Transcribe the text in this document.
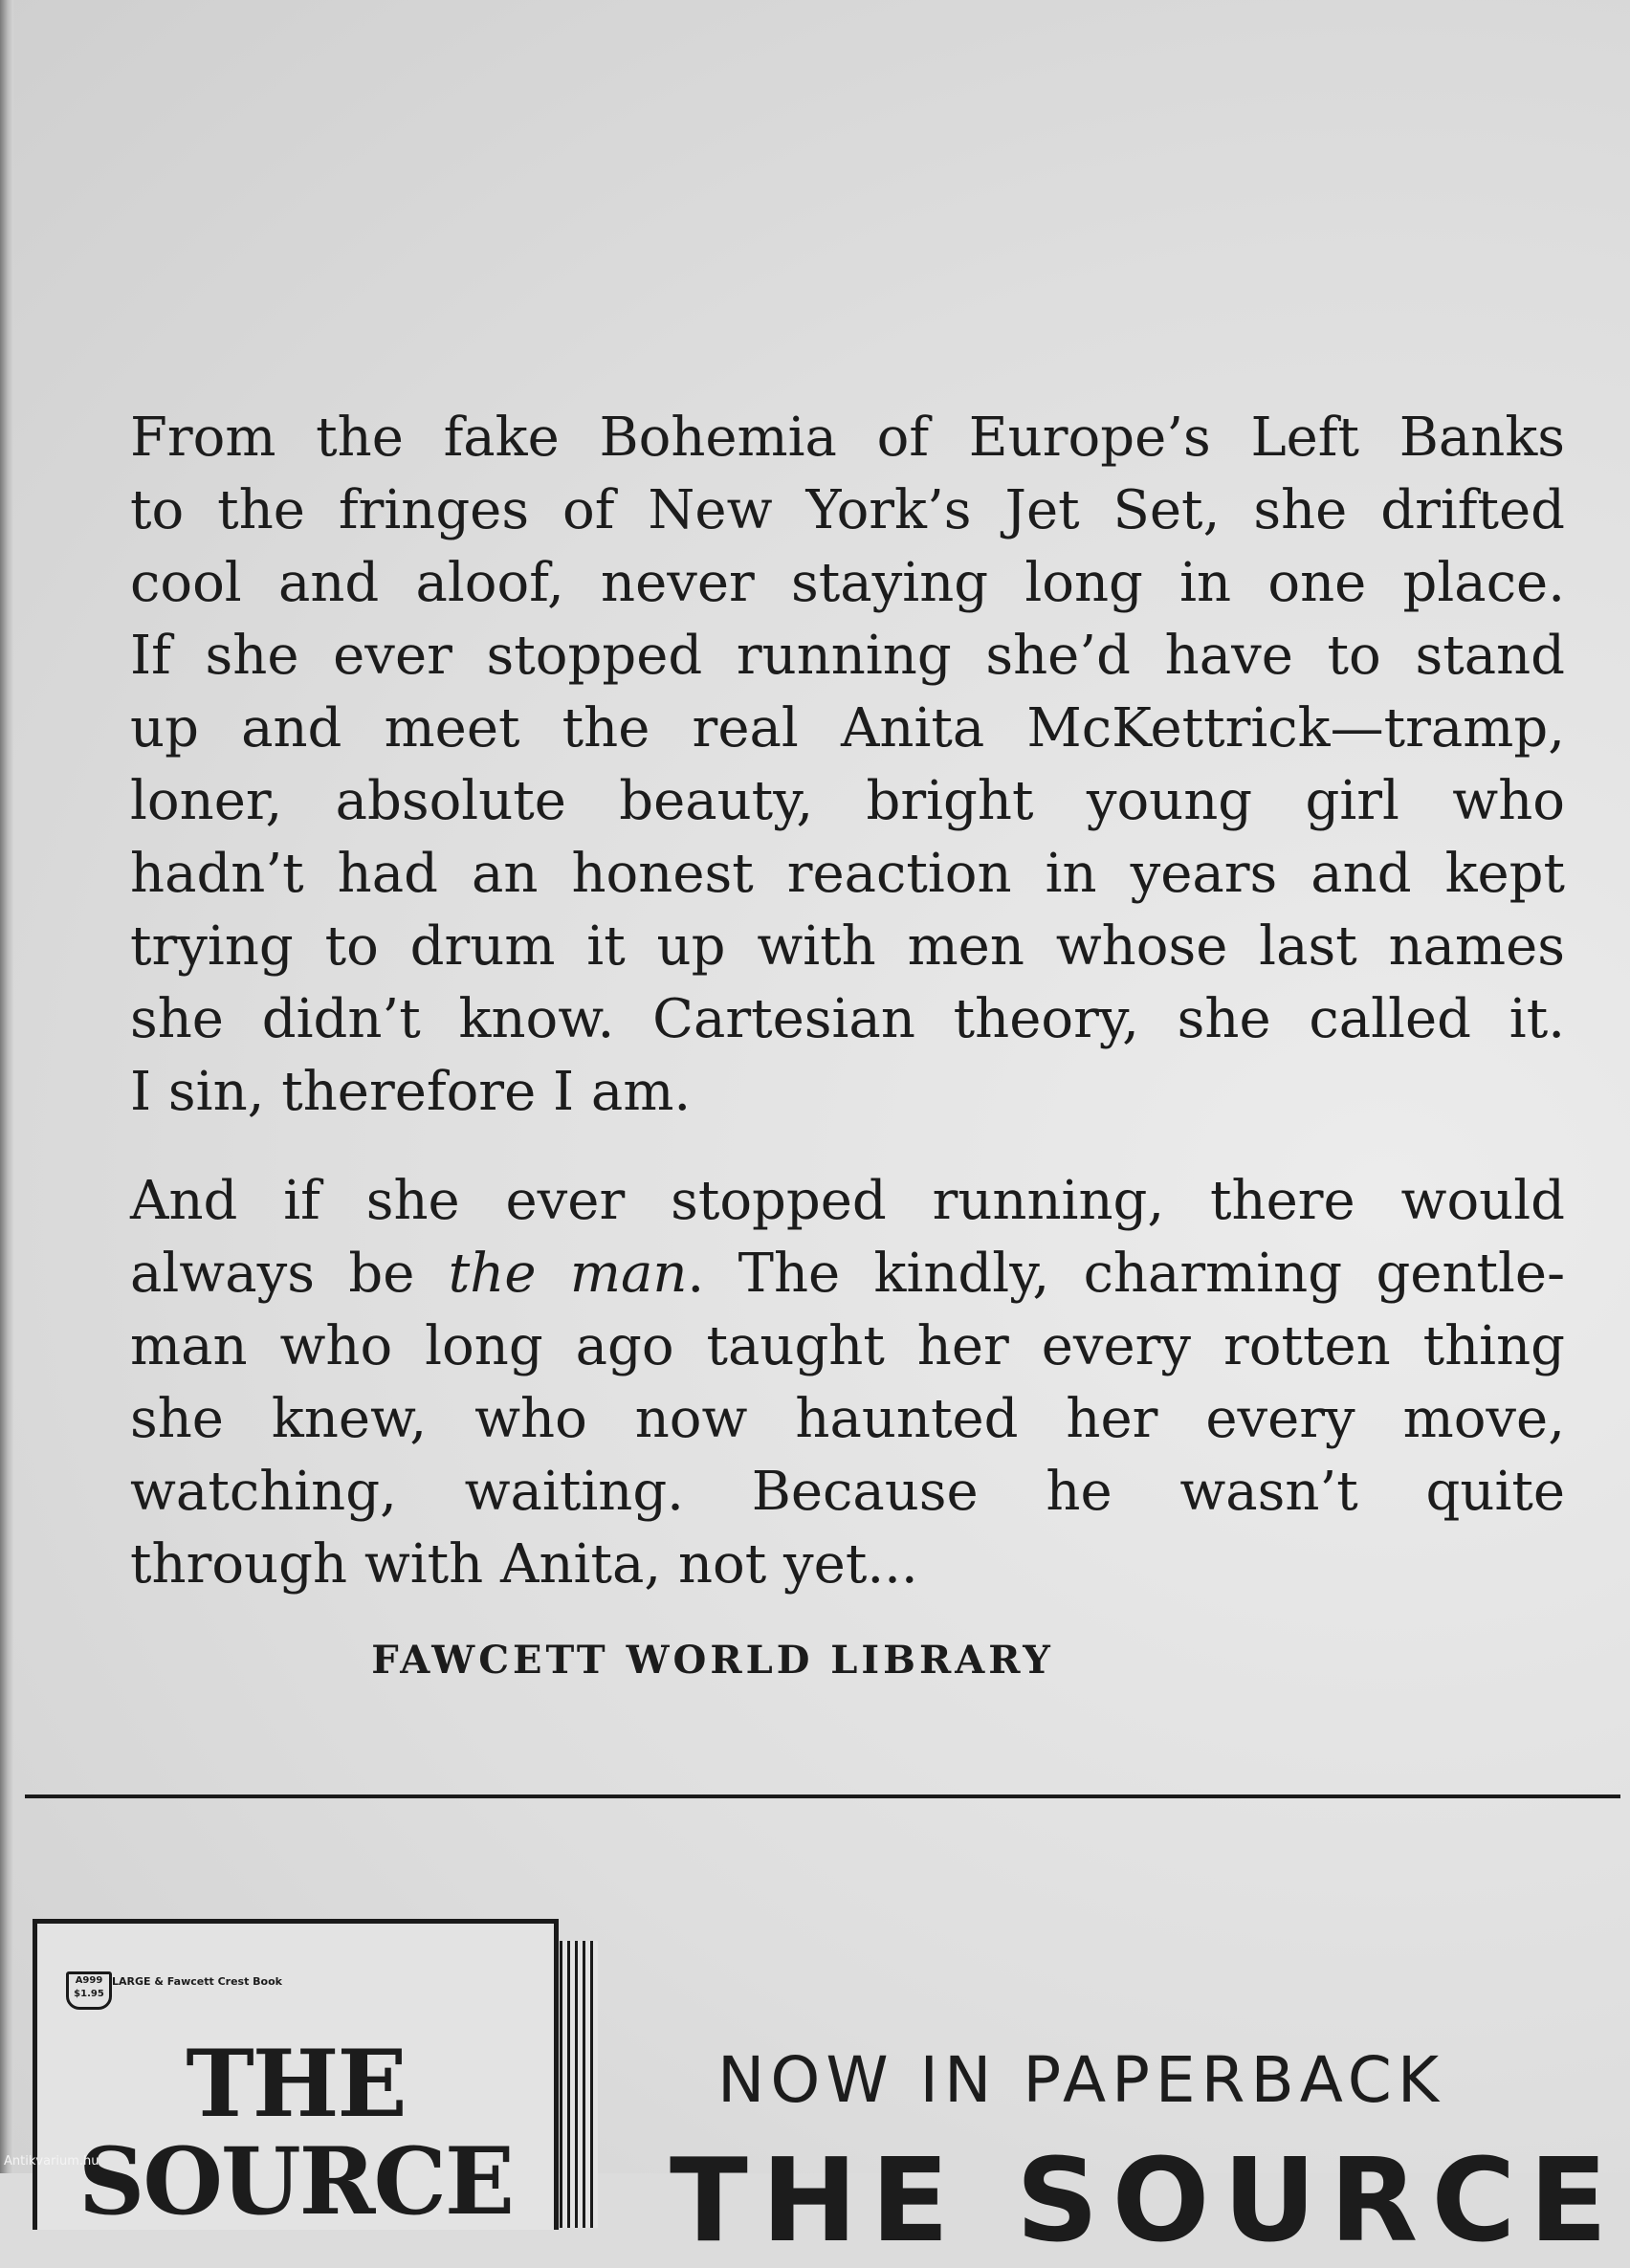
From the fake Bohemia of Europe’s Left Banks
to the fringes of New York’s Jet Set, she drifted
cool and aloof, never staying long in one place.
If she ever stopped running she’d have to stand
up and meet the real Anita McKettrick—tramp,
loner, absolute beauty, bright young girl who
hadn’t had an honest reaction in years and kept
trying to drum it up with men whose last names
she didn’t know. Cartesian theory, she called it.
I sin, therefore I am.

And if she ever stopped running, there would
always be the man. The kindly, charming gentle-
man who long ago taught her every rotten thing
she knew, who now haunted her every move,
watching, waiting. Because he wasn’t quite
through with Anita, not yet...

FAWCETT WORLD LIBRARY
A999
$1.95
LARGE & Fawcett Crest Book
THE
SOURCE
NOW IN PAPERBACK
THE SOURCE
Antikvarium.hu
